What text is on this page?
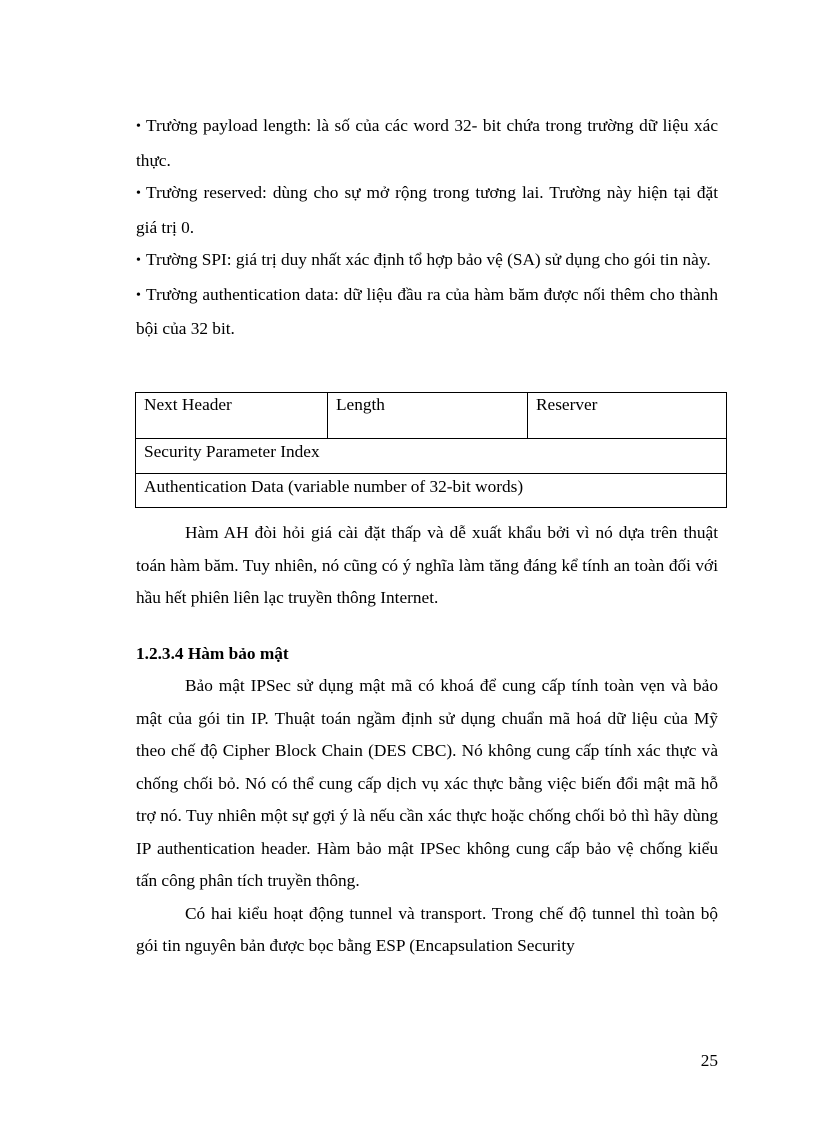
• Trường payload length: là số của các word 32- bit chứa trong trường dữ liệu xác thực.

• Trường reserved: dùng cho sự mở rộng trong tương lai. Trường này hiện tại đặt giá trị 0.

• Trường SPI: giá trị duy nhất xác định tổ hợp bảo vệ (SA) sử dụng cho gói tin này.

• Trường authentication data: dữ liệu đầu ra của hàm băm được nối thêm cho thành bội của 32 bit.

Next Header	Length	Reserver
Security Parameter Index
Authentication Data (variable number of 32-bit words)

Hàm AH đòi hỏi giá cài đặt thấp và dễ xuất khẩu bởi vì nó dựa trên thuật toán hàm băm. Tuy nhiên, nó cũng có ý nghĩa làm tăng đáng kể tính an toàn đối với hầu hết phiên liên lạc truyền thông Internet.

1.2.3.4 Hàm bảo mật

Bảo mật IPSec sử dụng mật mã có khoá để cung cấp tính toàn vẹn và bảo mật của gói tin IP. Thuật toán ngầm định sử dụng chuẩn mã hoá dữ liệu của Mỹ theo chế độ Cipher Block Chain (DES CBC). Nó không cung cấp tính xác thực và chống chối bỏ. Nó có thể cung cấp dịch vụ xác thực bằng việc biến đổi mật mã hỗ trợ nó. Tuy nhiên một sự gợi ý là nếu cần xác thực hoặc chống chối bỏ thì hãy dùng IP authentication header. Hàm bảo mật IPSec không cung cấp bảo vệ chống kiểu tấn công phân tích truyền thông.

Có hai kiểu hoạt động tunnel và transport. Trong chế độ tunnel thì toàn bộ gói tin nguyên bản được bọc bằng ESP (Encapsulation Security

25
